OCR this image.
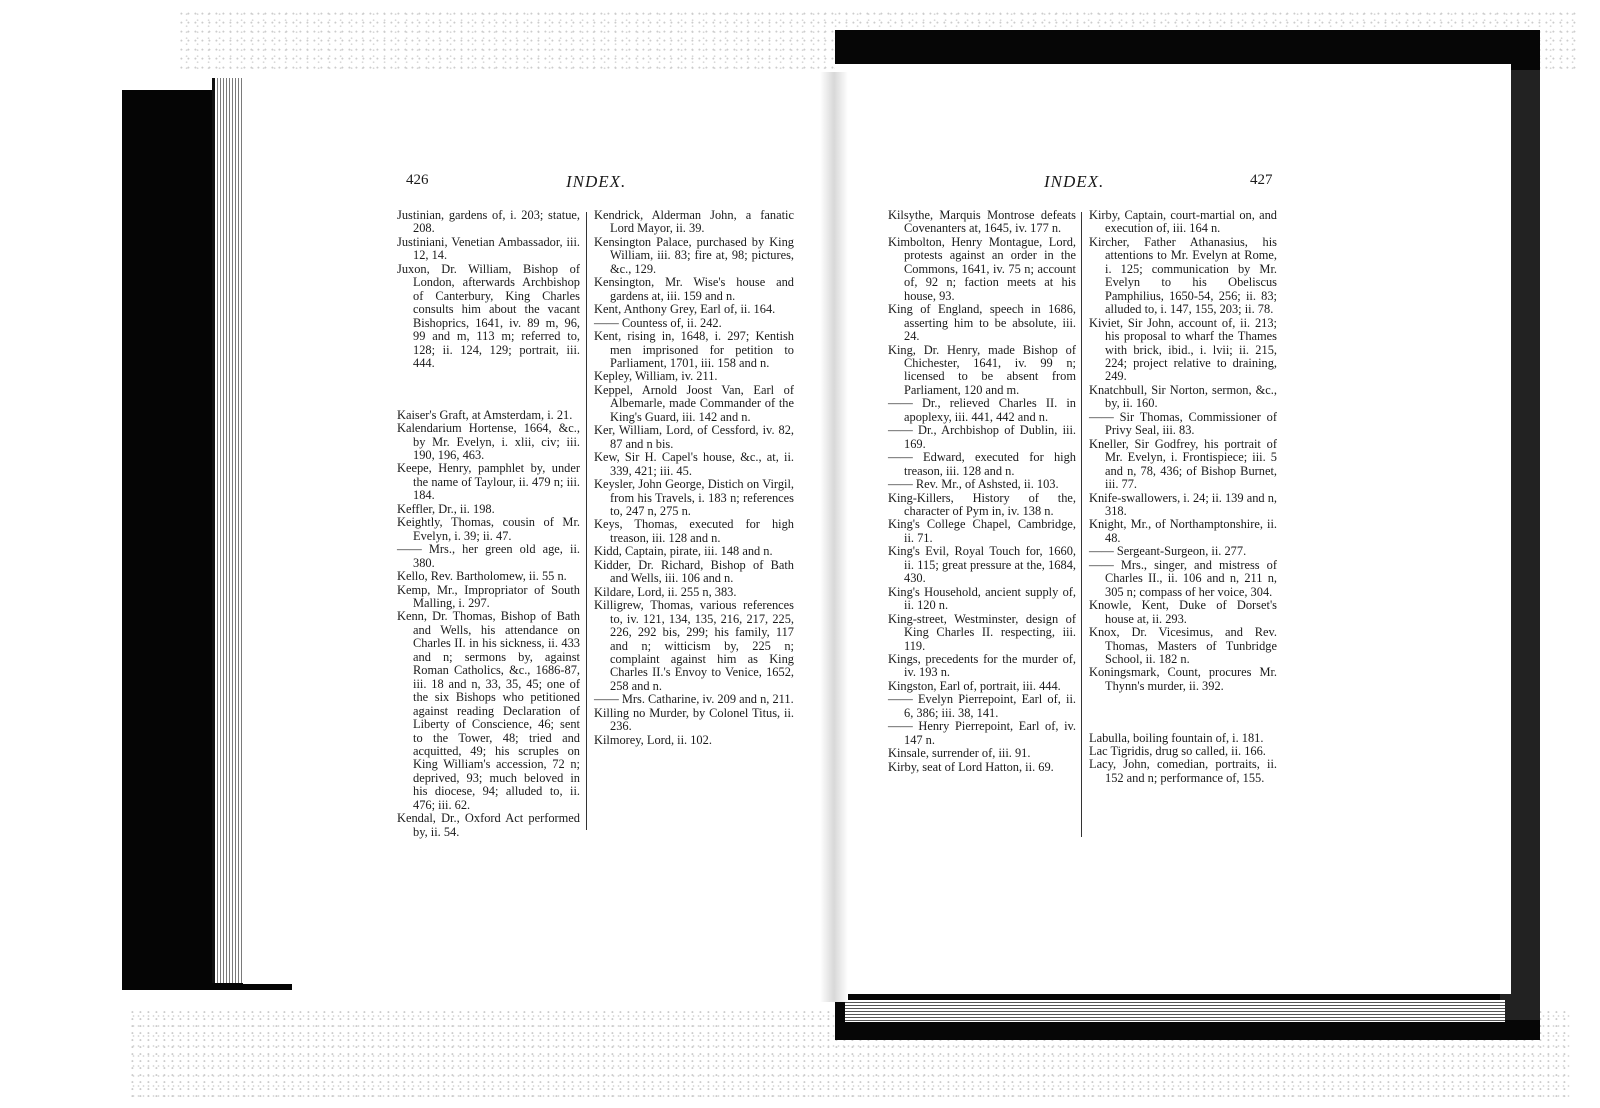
426	INDEX.	INDEX.	427

Justinian, gardens of, i. 203; statue, 208.

Justiniani, Venetian Ambassador, iii. 12, 14.

Juxon, Dr. William, Bishop of London, afterwards Archbishop of Canterbury, King Charles consults him about the vacant Bishoprics, 1641, iv. 89 m, 96, 99 and m, 113 m; referred to, 128; ii. 124, 129; portrait, iii. 444.

Kaiser's Graft, at Amsterdam, i. 21.

Kalendarium Hortense, 1664, &c., by Mr. Evelyn, i. xlii, civ; iii. 190, 196, 463.

Keepe, Henry, pamphlet by, under the name of Taylour, ii. 479 n; iii. 184.

Keffler, Dr., ii. 198.

Keightly, Thomas, cousin of Mr. Evelyn, i. 39; ii. 47.

—— Mrs., her green old age, ii. 380.

Kello, Rev. Bartholomew, ii. 55 n.

Kemp, Mr., Impropriator of South Malling, i. 297.

Kenn, Dr. Thomas, Bishop of Bath and Wells, his attendance on Charles II. in his sickness, ii. 433 and n; sermons by, against Roman Catholics, &c., 1686-87, iii. 18 and n, 33, 35, 45; one of the six Bishops who petitioned against reading Declaration of Liberty of Conscience, 46; sent to the Tower, 48; tried and acquitted, 49; his scruples on King William's accession, 72 n; deprived, 93; much beloved in his diocese, 94; alluded to, ii. 476; iii. 62.

Kendal, Dr., Oxford Act performed by, ii. 54.

Kendrick, Alderman John, a fanatic Lord Mayor, ii. 39.

Kensington Palace, purchased by King William, iii. 83; fire at, 98; pictures, &c., 129.

Kensington, Mr. Wise's house and gardens at, iii. 159 and n.

Kent, Anthony Grey, Earl of, ii. 164.

—— Countess of, ii. 242.

Kent, rising in, 1648, i. 297; Kentish men imprisoned for petition to Parliament, 1701, iii. 158 and n.

Kepley, William, iv. 211.

Keppel, Arnold Joost Van, Earl of Albemarle, made Commander of the King's Guard, iii. 142 and n.

Ker, William, Lord, of Cessford, iv. 82, 87 and n bis.

Kew, Sir H. Capel's house, &c., at, ii. 339, 421; iii. 45.

Keysler, John George, Distich on Virgil, from his Travels, i. 183 n; references to, 247 n, 275 n.

Keys, Thomas, executed for high treason, iii. 128 and n.

Kidd, Captain, pirate, iii. 148 and n.

Kidder, Dr. Richard, Bishop of Bath and Wells, iii. 106 and n.

Kildare, Lord, ii. 255 n, 383.

Killigrew, Thomas, various references to, iv. 121, 134, 135, 216, 217, 225, 226, 292 bis, 299; his family, 117 and n; witticism by, 225 n; complaint against him as King Charles II.'s Envoy to Venice, 1652, 258 and n.

—— Mrs. Catharine, iv. 209 and n, 211.

Killing no Murder, by Colonel Titus, ii. 236.

Kilmorey, Lord, ii. 102.

Kilsythe, Marquis Montrose defeats Covenanters at, 1645, iv. 177 n.

Kimbolton, Henry Montague, Lord, protests against an order in the Commons, 1641, iv. 75 n; account of, 92 n; faction meets at his house, 93.

King of England, speech in 1686, asserting him to be absolute, iii. 24.

King, Dr. Henry, made Bishop of Chichester, 1641, iv. 99 n; licensed to be absent from Parliament, 120 and m.

—— Dr., relieved Charles II. in apoplexy, iii. 441, 442 and n.

—— Dr., Archbishop of Dublin, iii. 169.

—— Edward, executed for high treason, iii. 128 and n.

—— Rev. Mr., of Ashsted, ii. 103.

King-Killers, History of the, character of Pym in, iv. 138 n.

King's College Chapel, Cambridge, ii. 71.

King's Evil, Royal Touch for, 1660, ii. 115; great pressure at the, 1684, 430.

King's Household, ancient supply of, ii. 120 n.

King-street, Westminster, design of King Charles II. respecting, iii. 119.

Kings, precedents for the murder of, iv. 193 n.

Kingston, Earl of, portrait, iii. 444.

—— Evelyn Pierrepoint, Earl of, ii. 6, 386; iii. 38, 141.

—— Henry Pierrepoint, Earl of, iv. 147 n.

Kinsale, surrender of, iii. 91.

Kirby, seat of Lord Hatton, ii. 69.

Kirby, Captain, court-martial on, and execution of, iii. 164 n.

Kircher, Father Athanasius, his attentions to Mr. Evelyn at Rome, i. 125; communication by Mr. Evelyn to his Obeliscus Pamphilius, 1650-54, 256; ii. 83; alluded to, i. 147, 155, 203; ii. 78.

Kiviet, Sir John, account of, ii. 213; his proposal to wharf the Thames with brick, ibid., i. lvii; ii. 215, 224; project relative to draining, 249.

Knatchbull, Sir Norton, sermon, &c., by, ii. 160.

—— Sir Thomas, Commissioner of Privy Seal, iii. 83.

Kneller, Sir Godfrey, his portrait of Mr. Evelyn, i. Frontispiece; iii. 5 and n, 78, 436; of Bishop Burnet, iii. 77.

Knife-swallowers, i. 24; ii. 139 and n, 318.

Knight, Mr., of Northamptonshire, ii. 48.

—— Sergeant-Surgeon, ii. 277.

—— Mrs., singer, and mistress of Charles II., ii. 106 and n, 211 n, 305 n; compass of her voice, 304.

Knowle, Kent, Duke of Dorset's house at, ii. 293.

Knox, Dr. Vicesimus, and Rev. Thomas, Masters of Tunbridge School, ii. 182 n.

Koningsmark, Count, procures Mr. Thynn's murder, ii. 392.

Labulla, boiling fountain of, i. 181.

Lac Tigridis, drug so called, ii. 166.

Lacy, John, comedian, portraits, ii. 152 and n; performance of, 155.
